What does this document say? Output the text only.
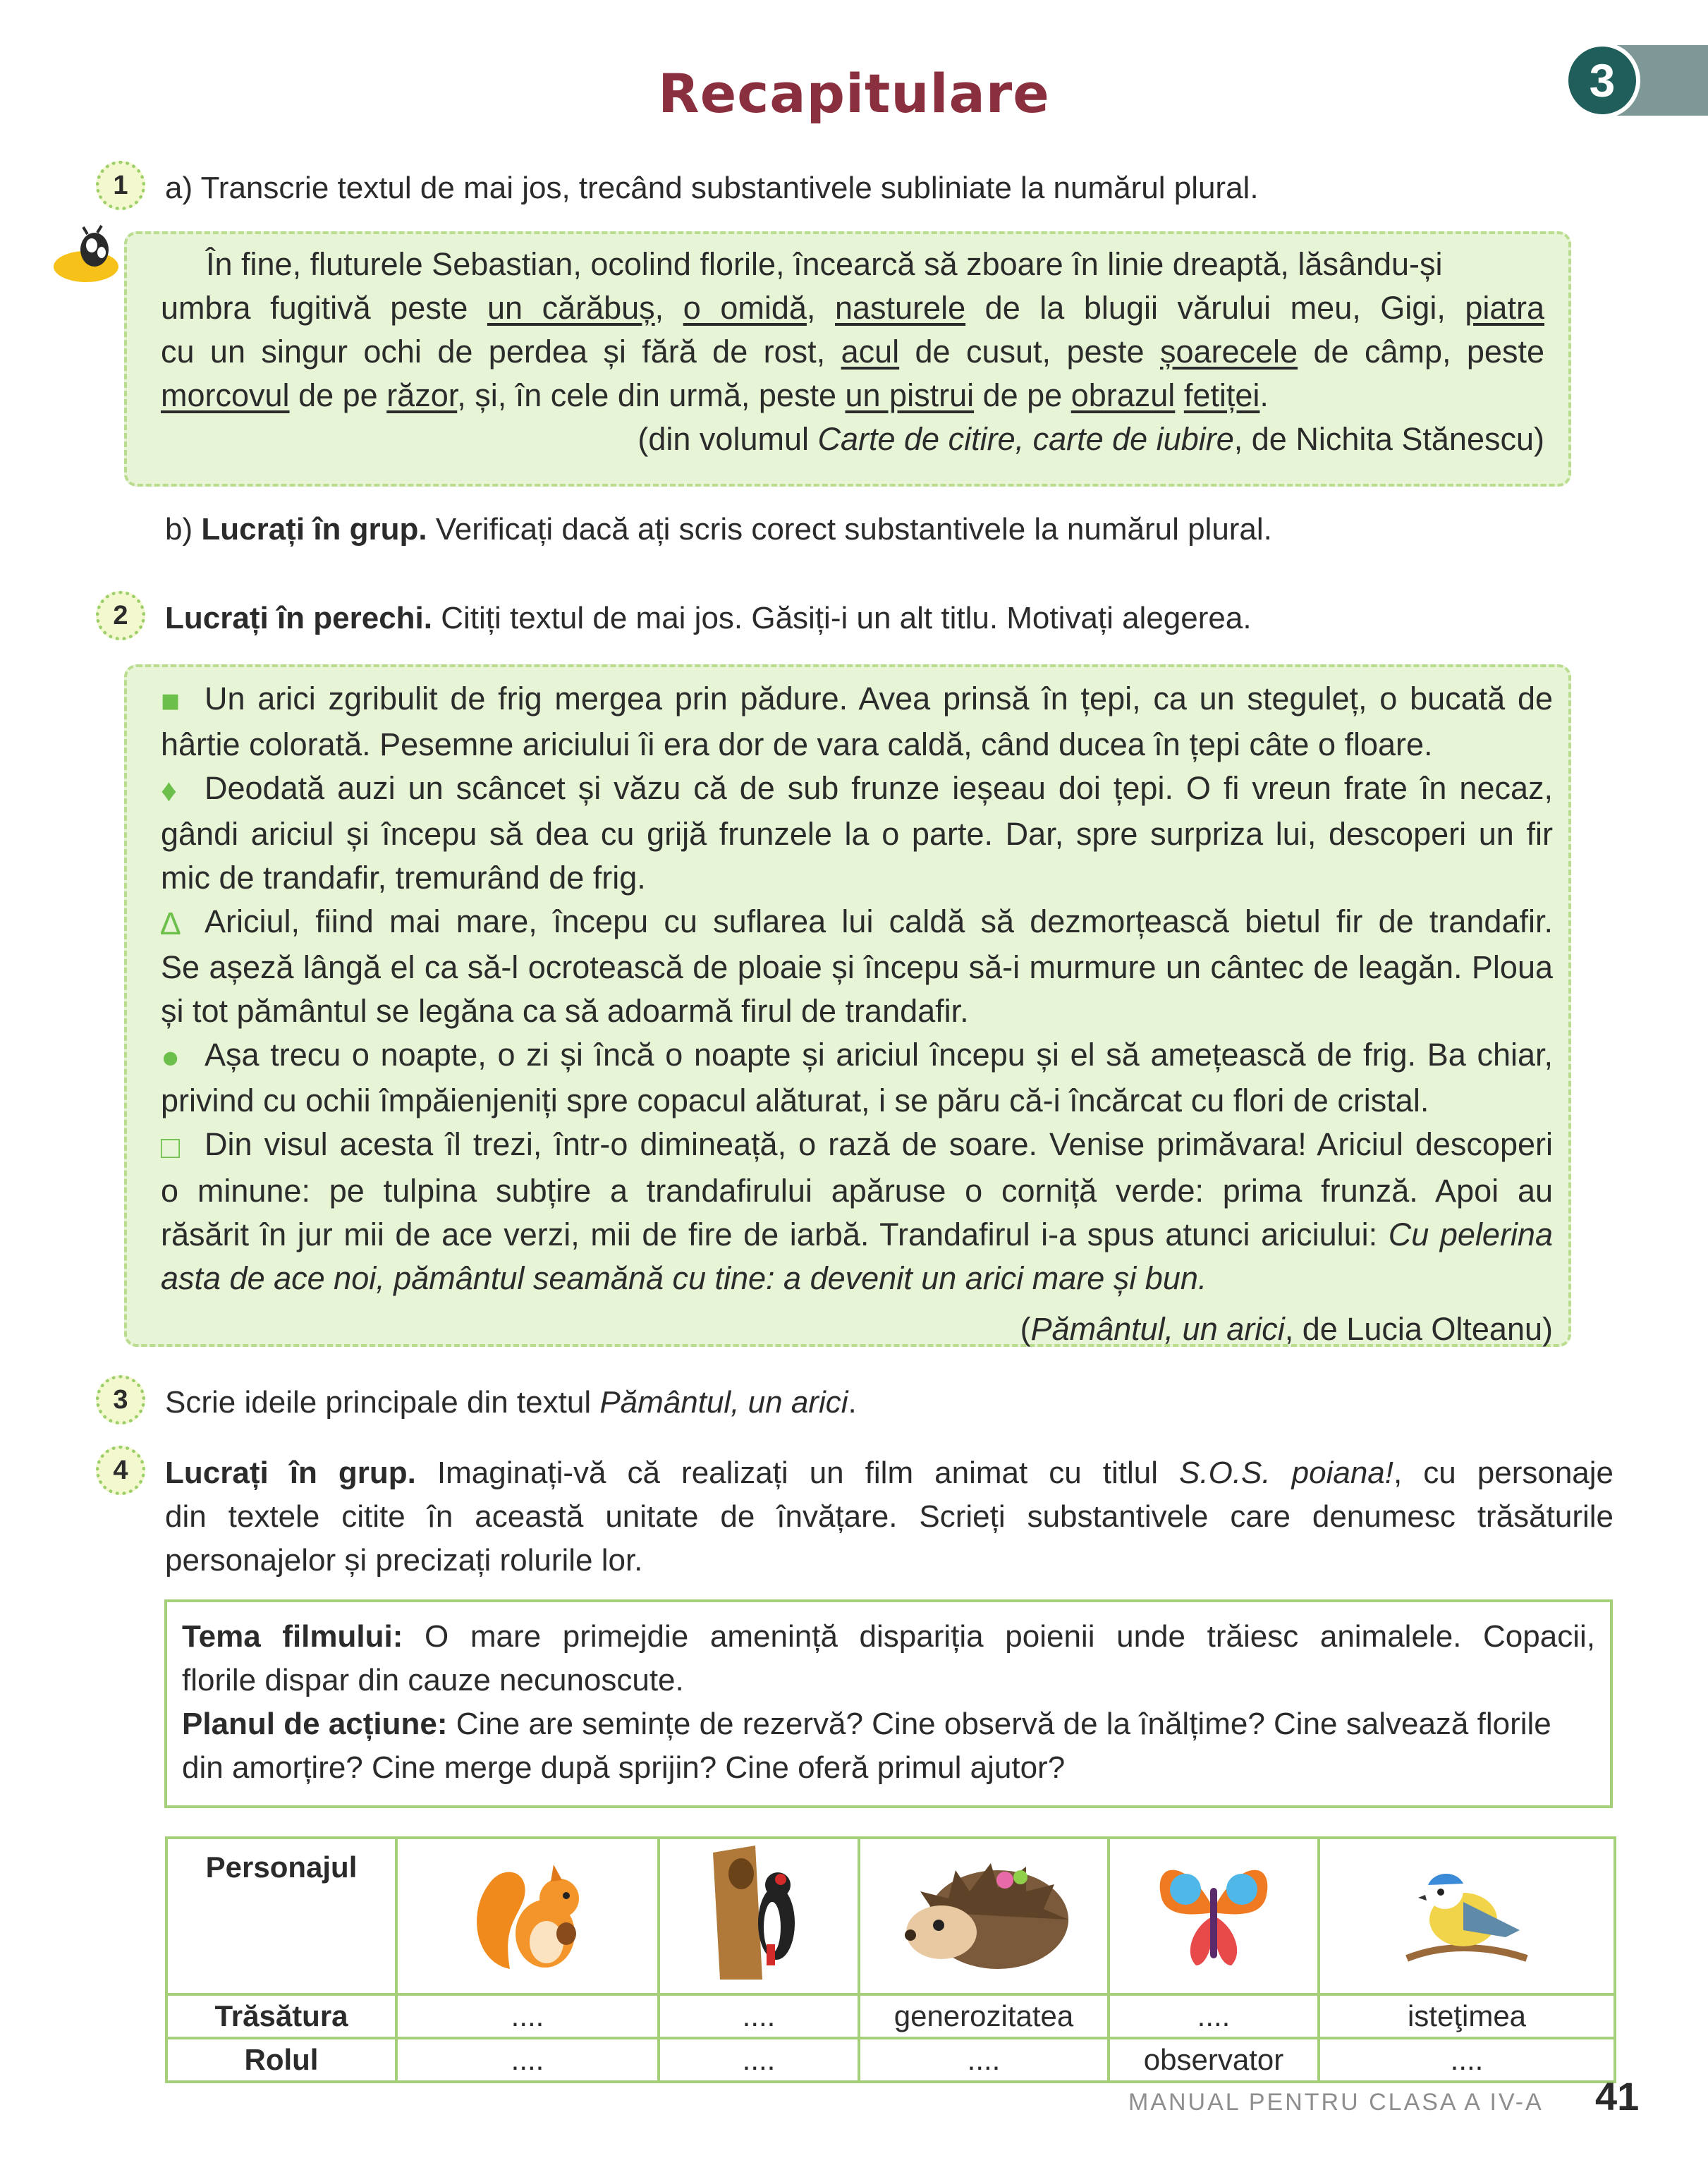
Recapitulare	3
1	a) Transcrie textul de mai jos, trecând substantivele subliniate la numărul plural.
În fine, fluturele Sebastian, ocolind florile, încearcă să zboare în linie dreaptă, lăsându-și
umbra fugitivă peste un cărăbuș, o omidă, nasturele de la blugii vărului meu, Gigi, piatra
cu un singur ochi de perdea și fără de rost, acul de cusut, peste șoarecele de câmp, peste
morcovul de pe răzor, și, în cele din urmă, peste un pistrui de pe obrazul fetiței.
(din volumul Carte de citire, carte de iubire, de Nichita Stănescu)
b) Lucrați în grup. Verificați dacă ați scris corect substantivele la numărul plural.
2	Lucrați în perechi. Citiți textul de mai jos. Găsiți-i un alt titlu. Motivați alegerea.
■ Un arici zgribulit de frig mergea prin pădure. Avea prinsă în țepi, ca un steguleț, o bucată de
hârtie colorată. Pesemne ariciului îi era dor de vara caldă, când ducea în țepi câte o floare.
♦ Deodată auzi un scâncet și văzu că de sub frunze ieșeau doi țepi. O fi vreun frate în necaz,
gândi ariciul și începu să dea cu grijă frunzele la o parte. Dar, spre surpriza lui, descoperi un fir
mic de trandafir, tremurând de frig.
∆ Ariciul, fiind mai mare, începu cu suflarea lui caldă să dezmorțească bietul fir de trandafir.
Se așeză lângă el ca să-l ocrotească de ploaie și începu să-i murmure un cântec de leagăn. Ploua
și tot pământul se legăna ca să adoarmă firul de trandafir.
● Așa trecu o noapte, o zi și încă o noapte și ariciul începu și el să amețească de frig. Ba chiar,
privind cu ochii împăienjeniți spre copacul alăturat, i se păru că-i încărcat cu flori de cristal.
□ Din visul acesta îl trezi, într-o dimineață, o rază de soare. Venise primăvara! Ariciul descoperi
o minune: pe tulpina subțire a trandafirului apăruse o corniță verde: prima frunză. Apoi au
răsărit în jur mii de ace verzi, mii de fire de iarbă. Trandafirul i-a spus atunci ariciului: Cu pelerina
asta de ace noi, pământul seamănă cu tine: a devenit un arici mare și bun.
(Pământul, un arici, de Lucia Olteanu)
3	Scrie ideile principale din textul Pământul, un arici.
4	Lucrați în grup. Imaginați-vă că realizați un film animat cu titlul S.O.S. poiana!, cu personaje
din textele citite în această unitate de învățare. Scrieți substantivele care denumesc trăsăturile
personajelor și precizați rolurile lor.
Tema filmului: O mare primejdie amenință dispariția poienii unde trăiesc animalele. Copacii,
florile dispar din cauze necunoscute.
Planul de acțiune: Cine are semințe de rezervă? Cine observă de la înălțime? Cine salvează florile
din amorțire? Cine merge după sprijin? Cine oferă primul ajutor?
Personajul					
Trăsătura	....	....	generozitatea	....	isteţimea
Rolul	....	....	....	observator	....
MANUAL PENTRU CLASA A IV-A 41
